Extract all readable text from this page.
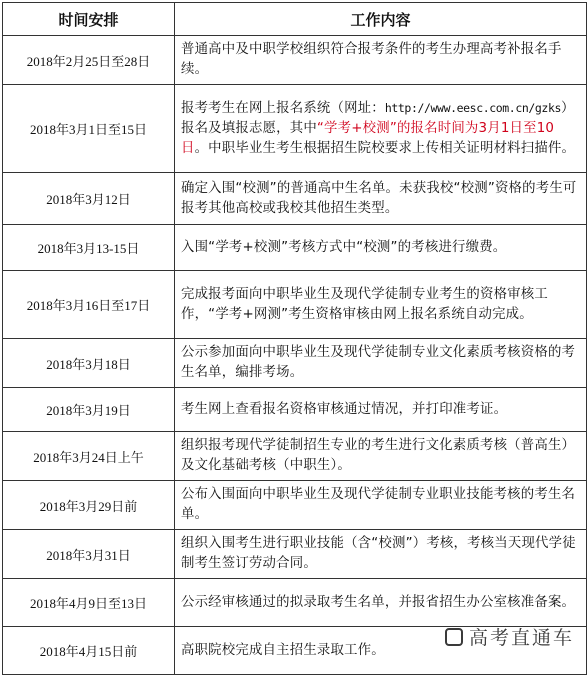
时间安排	工作内容
2018年2月25日至28日	普通高中及中职学校组织符合报考条件的考生办理高考补报名手续。
2018年3月1日至15日	报考考生在网上报名系统（网址：http://www.eesc.com.cn/gzks）报名及填报志愿，其中“学考+校测”的报名时间为3月1日至10日。中职毕业生考生根据招生院校要求上传相关证明材料扫描件。
2018年3月12日	确定入围“校测”的普通高中生名单。未获我校“校测”资格的考生可报考其他高校或我校其他招生类型。
2018年3月13-15日	入围“学考+校测”考核方式中“校测”的考核进行缴费。
2018年3月16日至17日	完成报考面向中职毕业生及现代学徒制专业考生的资格审核工作，“学考+网测”考生资格审核由网上报名系统自动完成。
2018年3月18日	公示参加面向中职毕业生及现代学徒制专业文化素质考核资格的考生名单，编排考场。
2018年3月19日	考生网上查看报名资格审核通过情况，并打印准考证。
2018年3月24日上午	组织报考现代学徒制招生专业的考生进行文化素质考核（普高生）及文化基础考核（中职生）。
2018年3月29日前	公布入围面向中职毕业生及现代学徒制专业职业技能考核的考生名单。
2018年3月31日	组织入围考生进行职业技能（含“校测”）考核，考核当天现代学徒制考生签订劳动合同。
2018年4月9日至13日	公示经审核通过的拟录取考生名单，并报省招生办公室核准备案。
2018年4月15日前	高职院校完成自主招生录取工作。
高考直通车
